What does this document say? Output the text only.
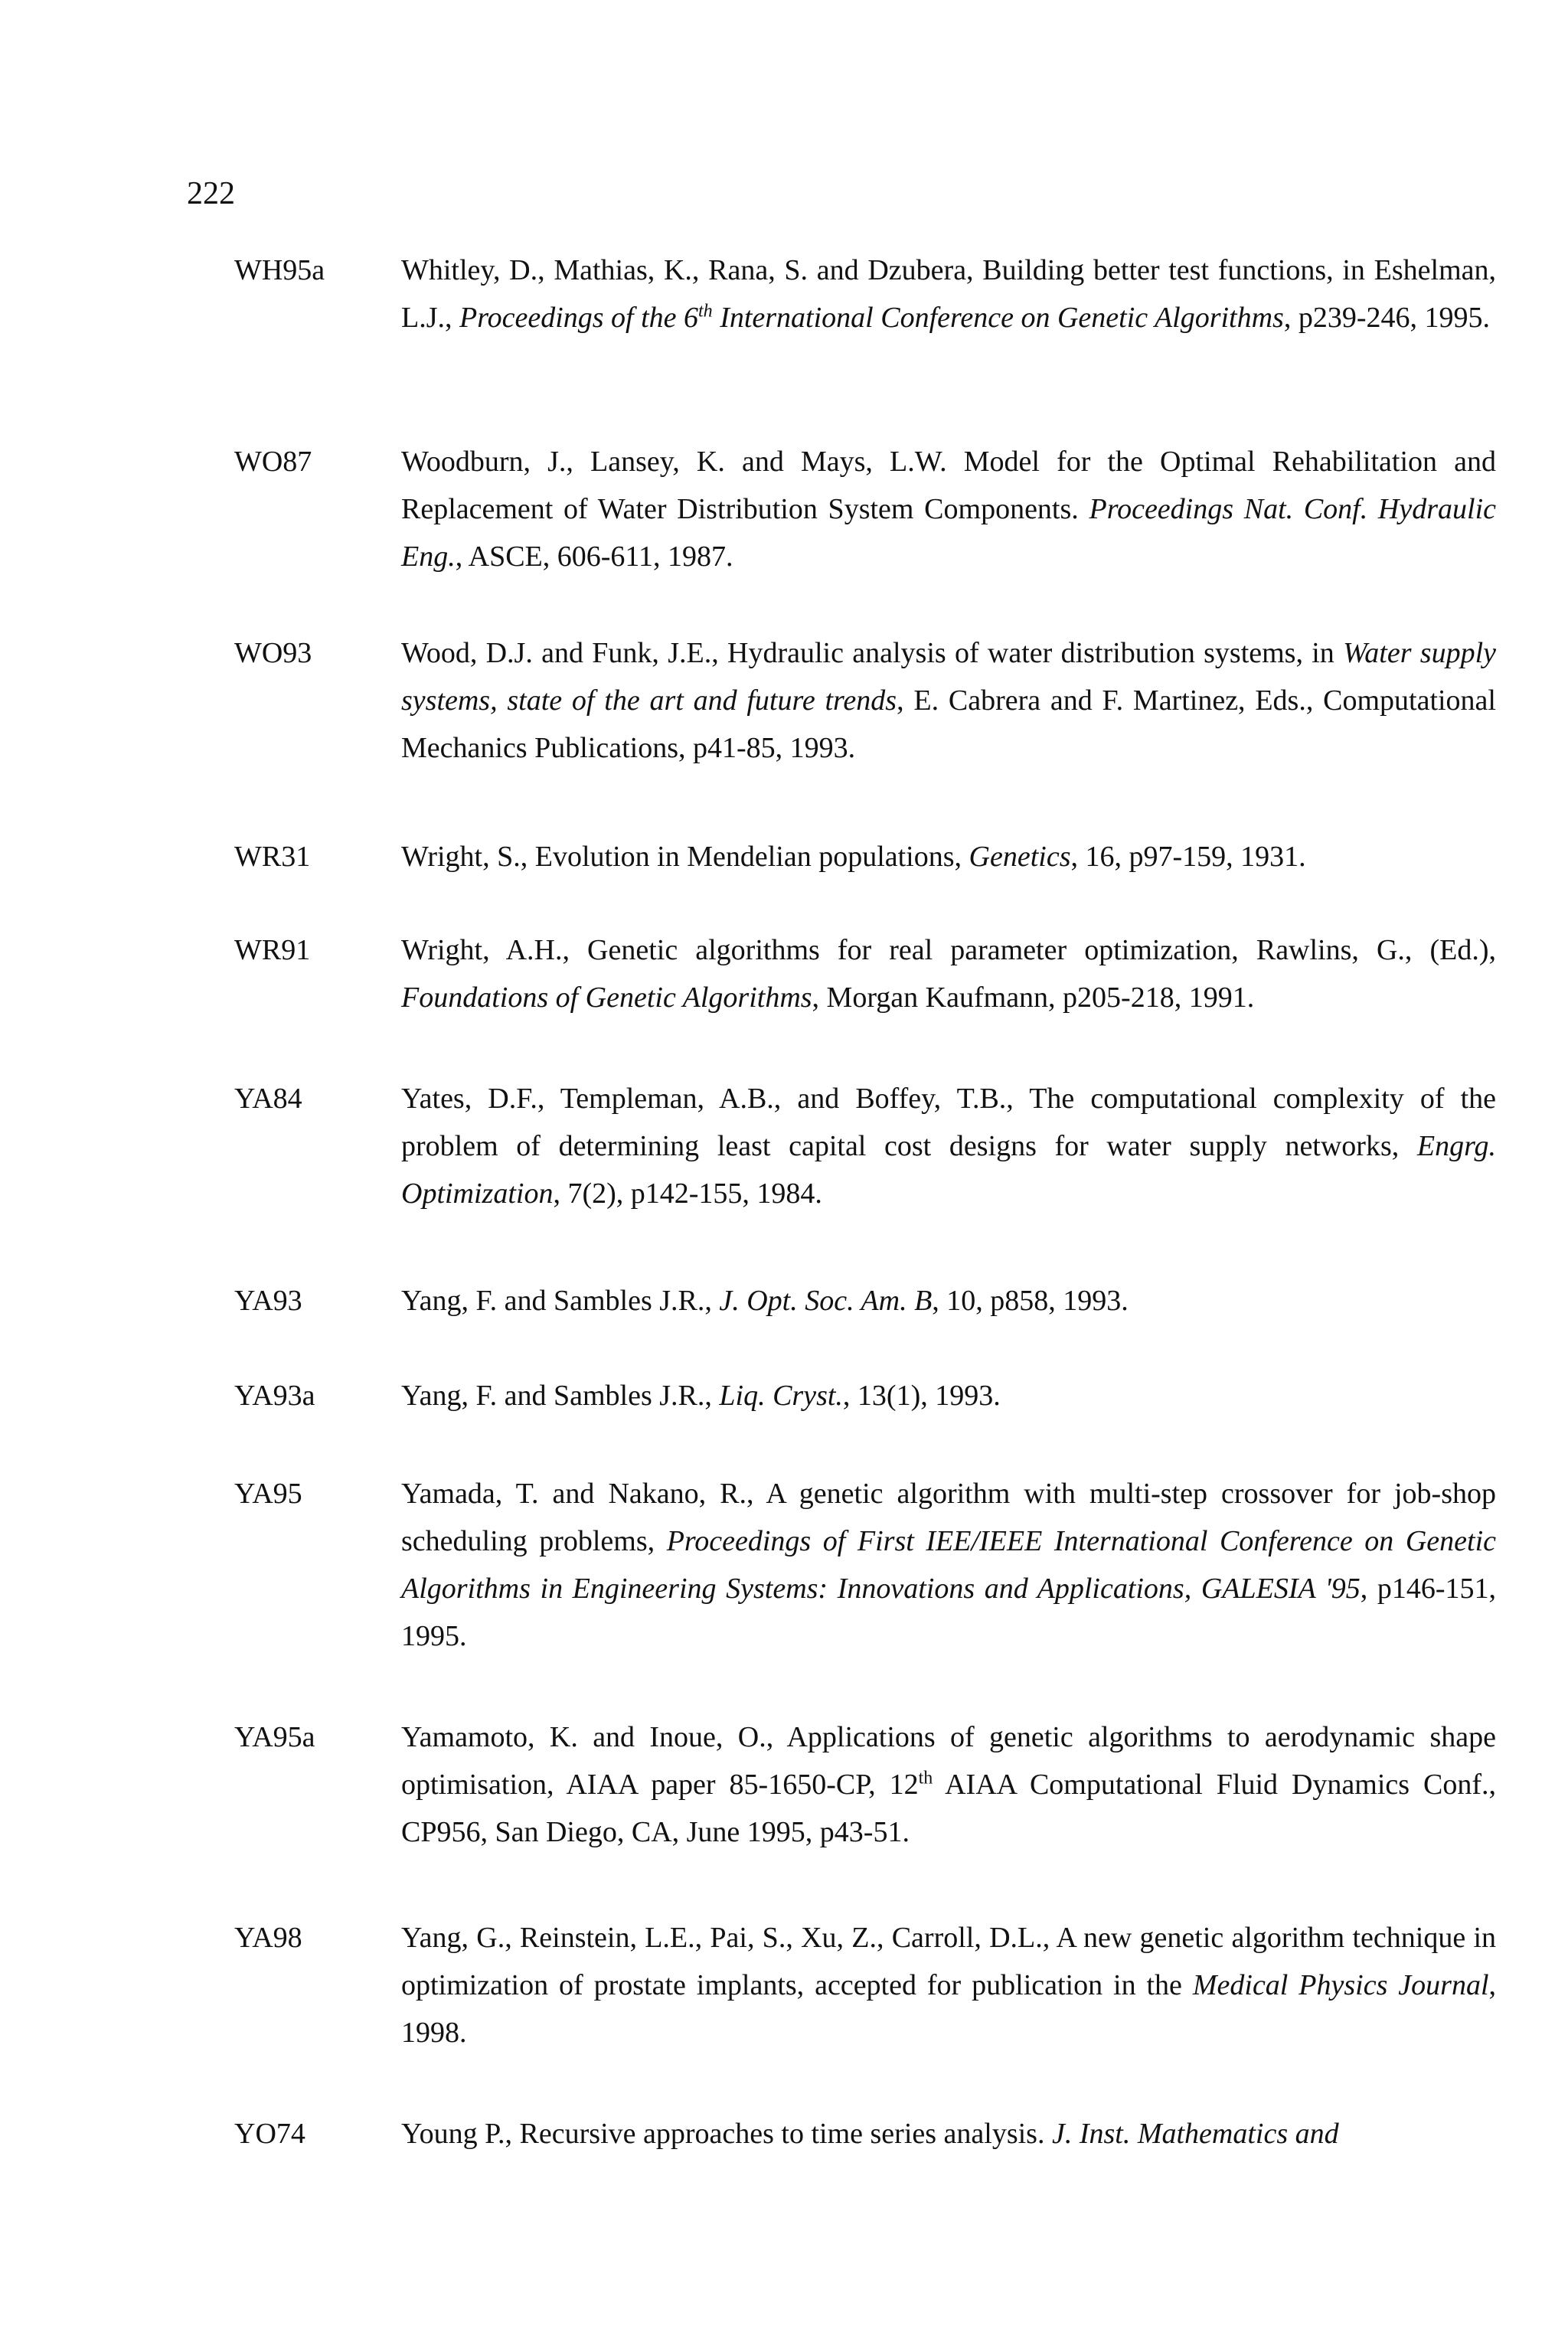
222
WH95a	Whitley, D., Mathias, K., Rana, S. and Dzubera, Building better test functions, in Eshelman, L.J., Proceedings of the 6th International Conference on Genetic Algorithms, p239-246, 1995.
WO87	Woodburn, J., Lansey, K. and Mays, L.W. Model for the Optimal Rehabilitation and Replacement of Water Distribution System Components. Proceedings Nat. Conf. Hydraulic Eng., ASCE, 606-611, 1987.
WO93	Wood, D.J. and Funk, J.E., Hydraulic analysis of water distribution systems, in Water supply systems, state of the art and future trends, E. Cabrera and F. Martinez, Eds., Computational Mechanics Publications, p41-85, 1993.
WR31	Wright, S., Evolution in Mendelian populations, Genetics, 16, p97-159, 1931.
WR91	Wright, A.H., Genetic algorithms for real parameter optimization, Rawlins, G., (Ed.), Foundations of Genetic Algorithms, Morgan Kaufmann, p205-218, 1991.
YA84	Yates, D.F., Templeman, A.B., and Boffey, T.B., The computational complexity of the problem of determining least capital cost designs for water supply networks, Engrg. Optimization, 7(2), p142-155, 1984.
YA93	Yang, F. and Sambles J.R., J. Opt. Soc. Am. B, 10, p858, 1993.
YA93a	Yang, F. and Sambles J.R., Liq. Cryst., 13(1), 1993.
YA95	Yamada, T. and Nakano, R., A genetic algorithm with multi-step crossover for job-shop scheduling problems, Proceedings of First IEE/IEEE International Conference on Genetic Algorithms in Engineering Systems: Innovations and Applications, GALESIA '95, p146-151, 1995.
YA95a	Yamamoto, K. and Inoue, O., Applications of genetic algorithms to aerodynamic shape optimisation, AIAA paper 85-1650-CP, 12th AIAA Computational Fluid Dynamics Conf., CP956, San Diego, CA, June 1995, p43-51.
YA98	Yang, G., Reinstein, L.E., Pai, S., Xu, Z., Carroll, D.L., A new genetic algorithm technique in optimization of prostate implants, accepted for publication in the Medical Physics Journal, 1998.
YO74	Young P., Recursive approaches to time series analysis. J. Inst. Mathematics and
